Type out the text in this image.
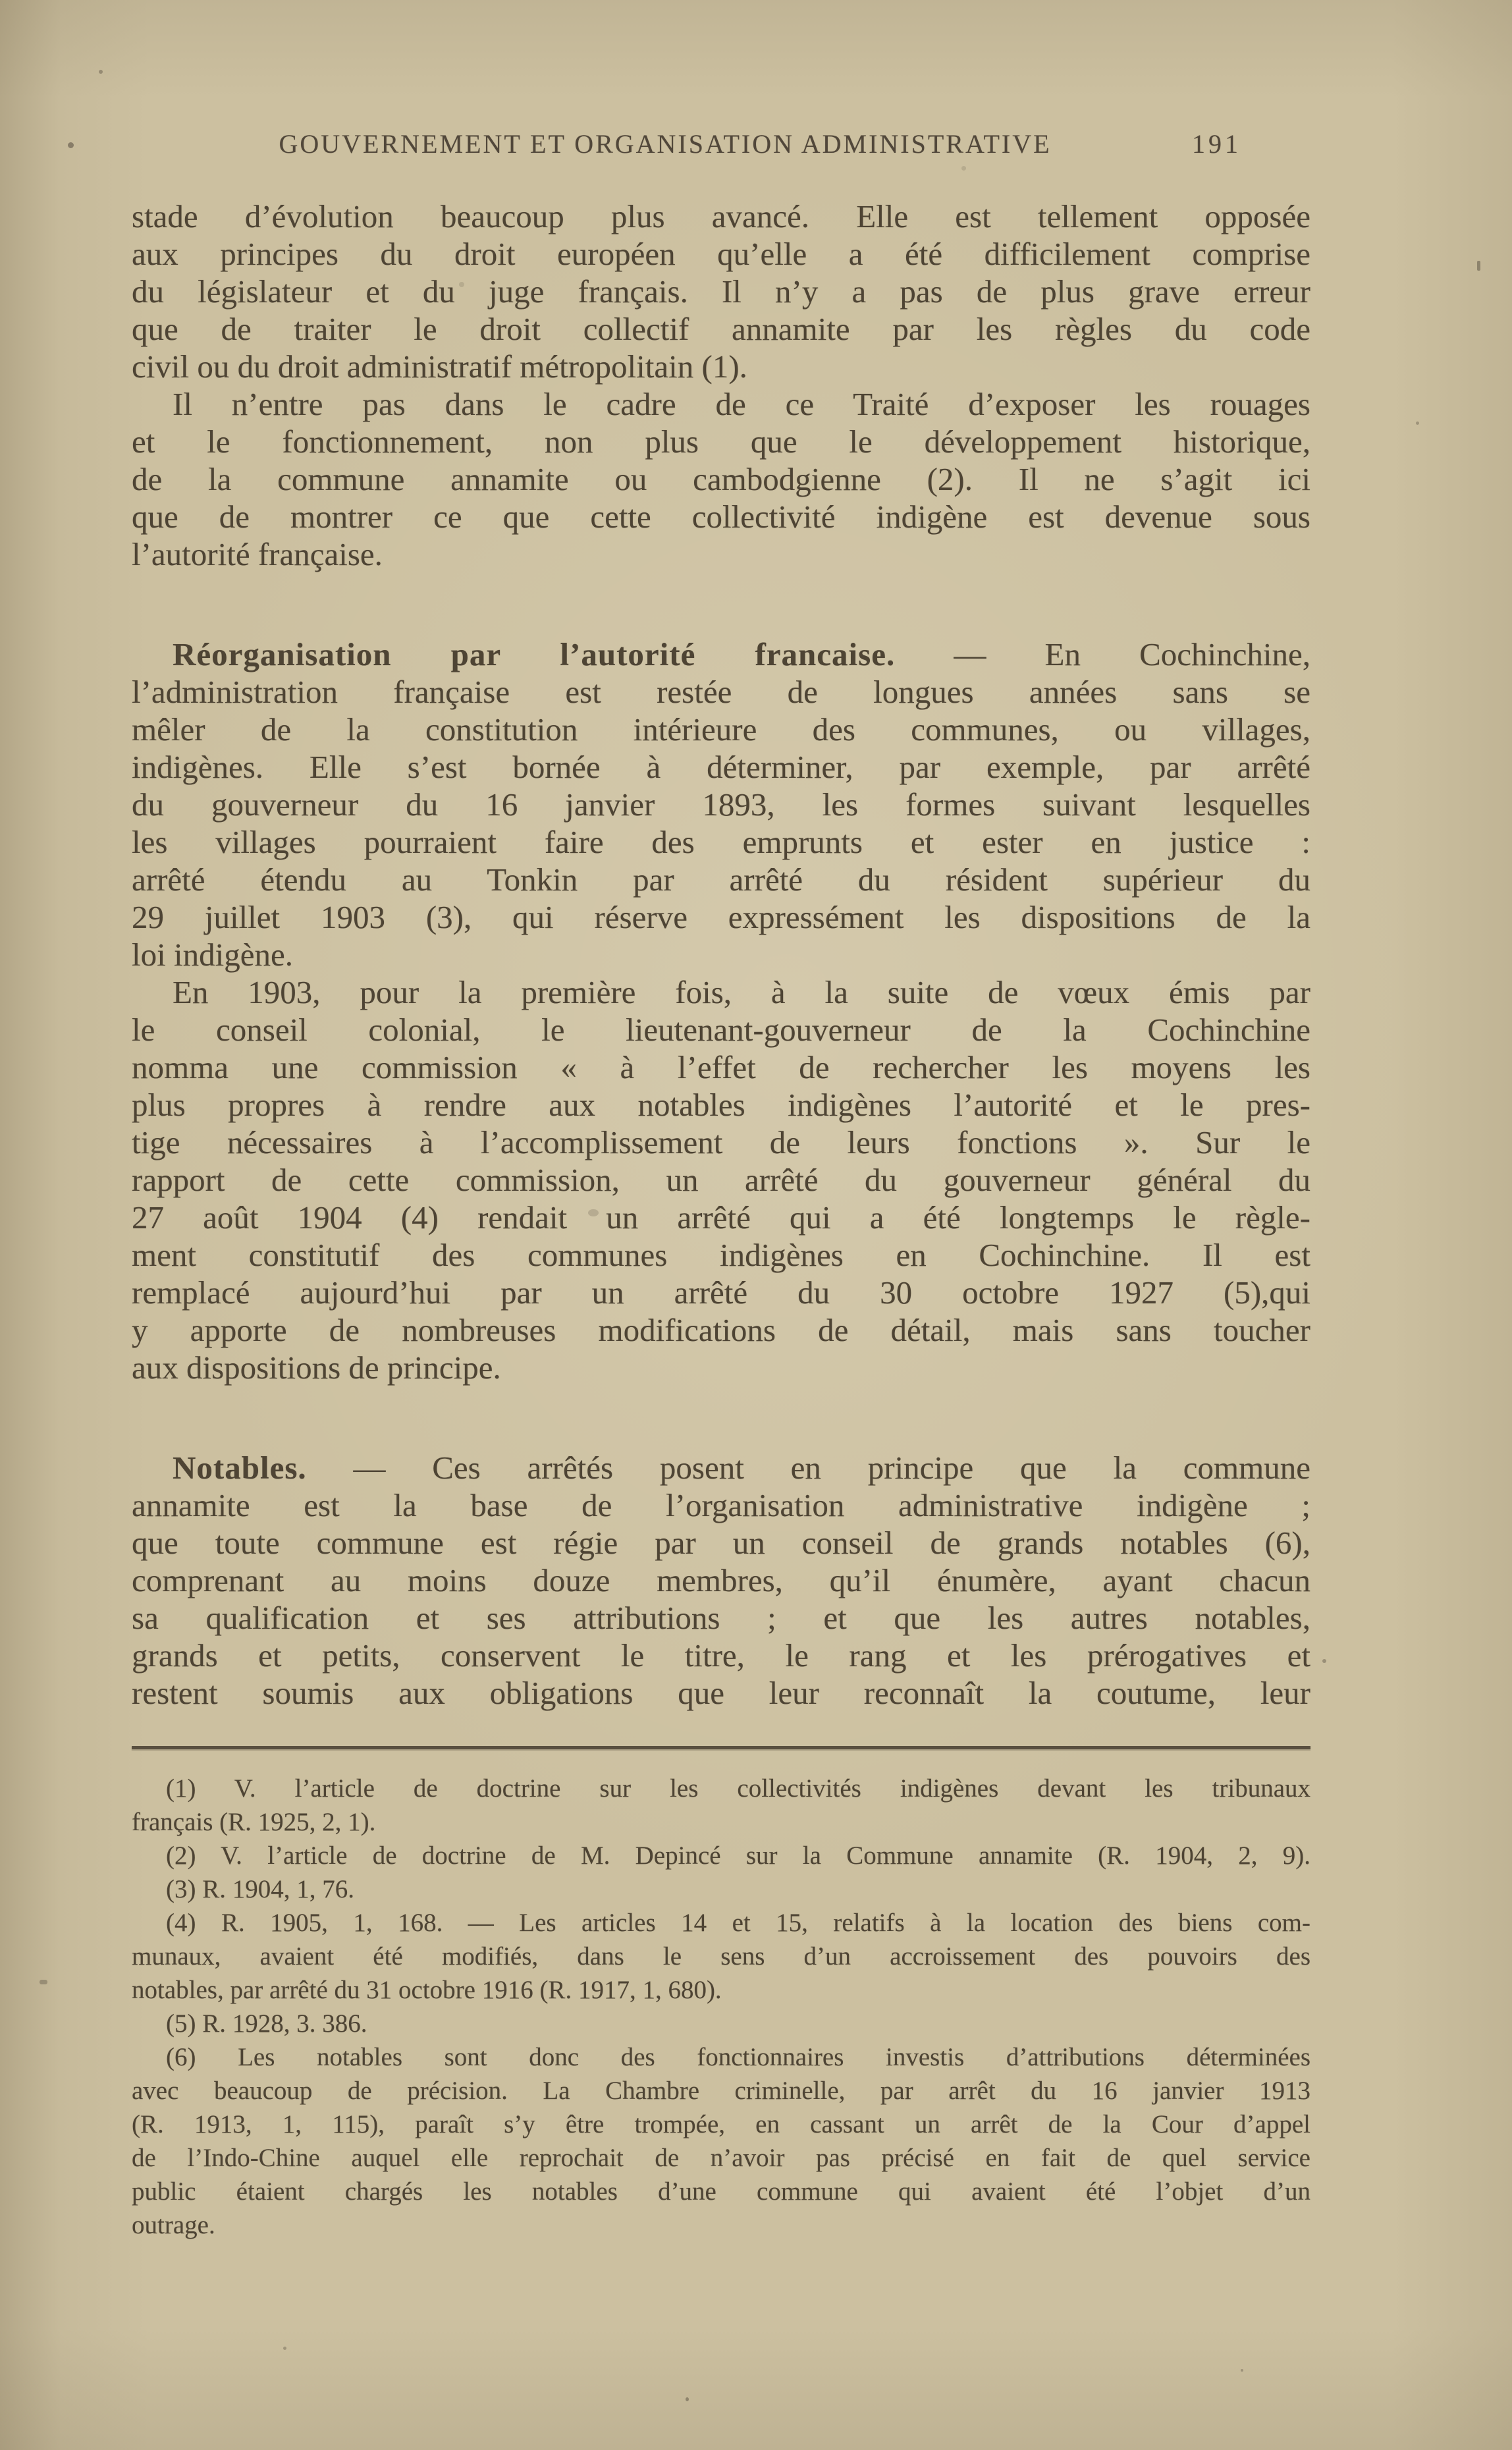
GOUVERNEMENT ET ORGANISATION ADMINISTRATIVE	191
stade d’évolution beaucoup plus avancé. Elle est tellement opposée
aux principes du droit européen qu’elle a été difficilement comprise
du législateur et du juge français. Il n’y a pas de plus grave erreur
que de traiter le droit collectif annamite par les règles du code
civil ou du droit administratif métropolitain (1).
Il n’entre pas dans le cadre de ce Traité d’exposer les rouages
et le fonctionnement, non plus que le développement historique,
de la commune annamite ou cambodgienne (2). Il ne s’agit ici
que de montrer ce que cette collectivité indigène est devenue sous
l’autorité française.
Réorganisation par l’autorité francaise. — En Cochinchine,
l’administration française est restée de longues années sans se
mêler de la constitution intérieure des communes, ou villages,
indigènes. Elle s’est bornée à déterminer, par exemple, par arrêté
du gouverneur du 16 janvier 1893, les formes suivant lesquelles
les villages pourraient faire des emprunts et ester en justice :
arrêté étendu au Tonkin par arrêté du résident supérieur du
29 juillet 1903 (3), qui réserve expressément les dispositions de la
loi indigène.
En 1903, pour la première fois, à la suite de vœux émis par
le conseil colonial, le lieutenant-gouverneur de la Cochinchine
nomma une commission « à l’effet de rechercher les moyens les
plus propres à rendre aux notables indigènes l’autorité et le pres-
tige nécessaires à l’accomplissement de leurs fonctions ». Sur le
rapport de cette commission, un arrêté du gouverneur général du
27 août 1904 (4) rendait un arrêté qui a été longtemps le règle-
ment constitutif des communes indigènes en Cochinchine. Il est
remplacé aujourd’hui par un arrêté du 30 octobre 1927 (5),qui
y apporte de nombreuses modifications de détail, mais sans toucher
aux dispositions de principe.
Notables. — Ces arrêtés posent en principe que la commune
annamite est la base de l’organisation administrative indigène ;
que toute commune est régie par un conseil de grands notables (6),
comprenant au moins douze membres, qu’il énumère, ayant chacun
sa qualification et ses attributions ; et que les autres notables,
grands et petits, conservent le titre, le rang et les prérogatives et
restent soumis aux obligations que leur reconnaît la coutume, leur
(1) V. l’article de doctrine sur les collectivités indigènes devant les tribunaux
français (R. 1925, 2, 1).
(2) V. l’article de doctrine de M. Depincé sur la Commune annamite (R. 1904, 2, 9).
(3) R. 1904, 1, 76.
(4) R. 1905, 1, 168. — Les articles 14 et 15, relatifs à la location des biens com-
munaux, avaient été modifiés, dans le sens d’un accroissement des pouvoirs des
notables, par arrêté du 31 octobre 1916 (R. 1917, 1, 680).
(5) R. 1928, 3. 386.
(6) Les notables sont donc des fonctionnaires investis d’attributions déterminées
avec beaucoup de précision. La Chambre criminelle, par arrêt du 16 janvier 1913
(R. 1913, 1, 115), paraît s’y être trompée, en cassant un arrêt de la Cour d’appel
de l’Indo-Chine auquel elle reprochait de n’avoir pas précisé en fait de quel service
public étaient chargés les notables d’une commune qui avaient été l’objet d’un
outrage.
